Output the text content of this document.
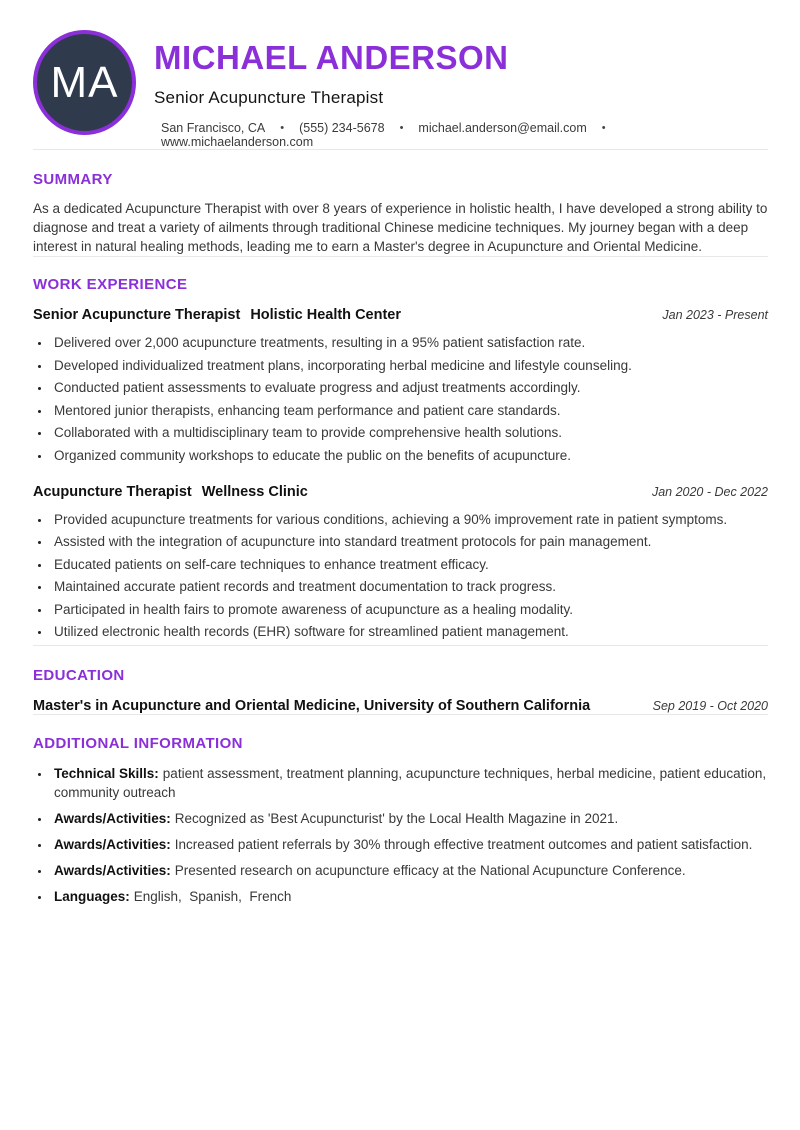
MA MICHAEL ANDERSON
Senior Acupuncture Therapist
San Francisco, CA • (555) 234-5678 • michael.anderson@email.com •
www.michaelanderson.com
SUMMARY

As a dedicated Acupuncture Therapist with over 8 years of experience in holistic health, I have developed a strong ability to diagnose and treat a variety of ailments through traditional Chinese medicine techniques. My journey began with a deep interest in natural healing methods, leading me to earn a Master's degree in Acupuncture and Oriental Medicine.

WORK EXPERIENCE
Senior Acupuncture Therapist Holistic Health Center	Jan 2023 - Present
• Delivered over 2,000 acupuncture treatments, resulting in a 95% patient satisfaction rate.
• Developed individualized treatment plans, incorporating herbal medicine and lifestyle counseling.
• Conducted patient assessments to evaluate progress and adjust treatments accordingly.
• Mentored junior therapists, enhancing team performance and patient care standards.
• Collaborated with a multidisciplinary team to provide comprehensive health solutions.
• Organized community workshops to educate the public on the benefits of acupuncture.
Acupuncture Therapist Wellness Clinic	Jan 2020 - Dec 2022
• Provided acupuncture treatments for various conditions, achieving a 90% improvement rate in patient symptoms.
• Assisted with the integration of acupuncture into standard treatment protocols for pain management.
• Educated patients on self-care techniques to enhance treatment efficacy.
• Maintained accurate patient records and treatment documentation to track progress.
• Participated in health fairs to promote awareness of acupuncture as a healing modality.
• Utilized electronic health records (EHR) software for streamlined patient management.
EDUCATION
Master's in Acupuncture and Oriental Medicine, University of Southern California	Sep 2019 - Oct 2020
ADDITIONAL INFORMATION
• Technical Skills: patient assessment, treatment planning, acupuncture techniques, herbal medicine, patient education, community outreach
• Awards/Activities: Recognized as 'Best Acupuncturist' by the Local Health Magazine in 2021.
• Awards/Activities: Increased patient referrals by 30% through effective treatment outcomes and patient satisfaction.
• Awards/Activities: Presented research on acupuncture efficacy at the National Acupuncture Conference.
• Languages: English,  Spanish,  French
